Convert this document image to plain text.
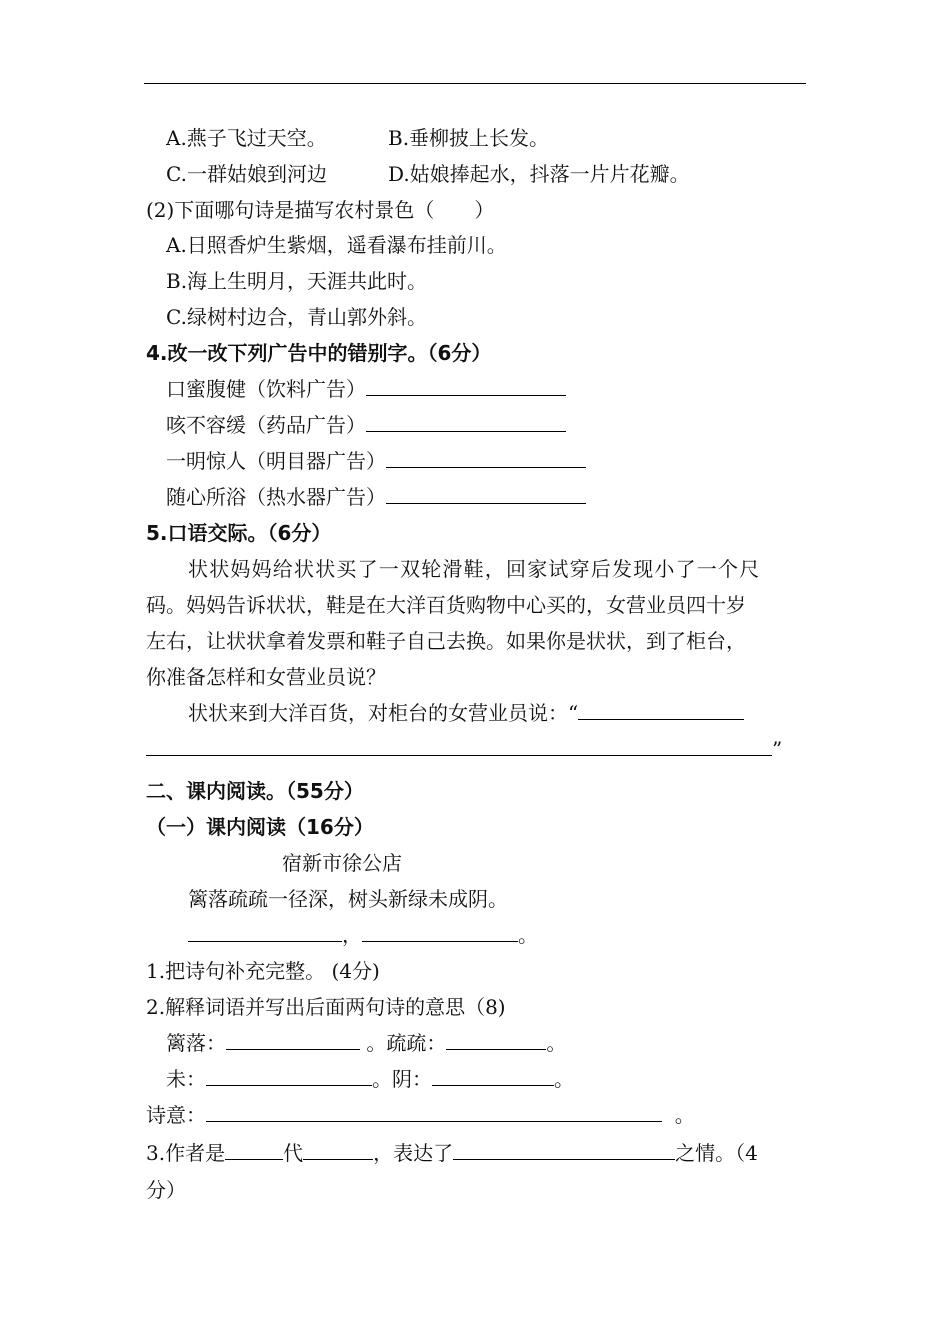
A.燕子飞过天空。	B.垂柳披上长发。
C.一群姑娘到河边	D.姑娘捧起水，抖落一片片花瓣。
(2)下面哪句诗是描写农村景色（　　）
A.日照香炉生紫烟，遥看瀑布挂前川。
B.海上生明月，天涯共此时。
C.绿树村边合，青山郭外斜。
4.改一改下列广告中的错别字。（6分）
口蜜腹健（饮料广告）
咳不容缓（药品广告）
一明惊人（明目器广告）
随心所浴（热水器广告）
5.口语交际。（6分）
状状妈妈给状状买了一双轮滑鞋，回家试穿后发现小了一个尺
码。妈妈告诉状状，鞋是在大洋百货购物中心买的，女营业员四十岁
左右，让状状拿着发票和鞋子自己去换。如果你是状状，到了柜台，
你准备怎样和女营业员说？
状状来到大洋百货，对柜台的女营业员说：“
”
二、课内阅读。（55分）
（一）课内阅读（16分）
宿新市徐公店
篱落疏疏一径深，树头新绿未成阴。
，	。
1.把诗句补充完整。 (4分)
2.解释词语并写出后面两句诗的意思（8)
篱落：	。疏疏：	。
未：	。阴：	。
诗意：	。
3.作者是	代	，表达了	之情。（4
分）
